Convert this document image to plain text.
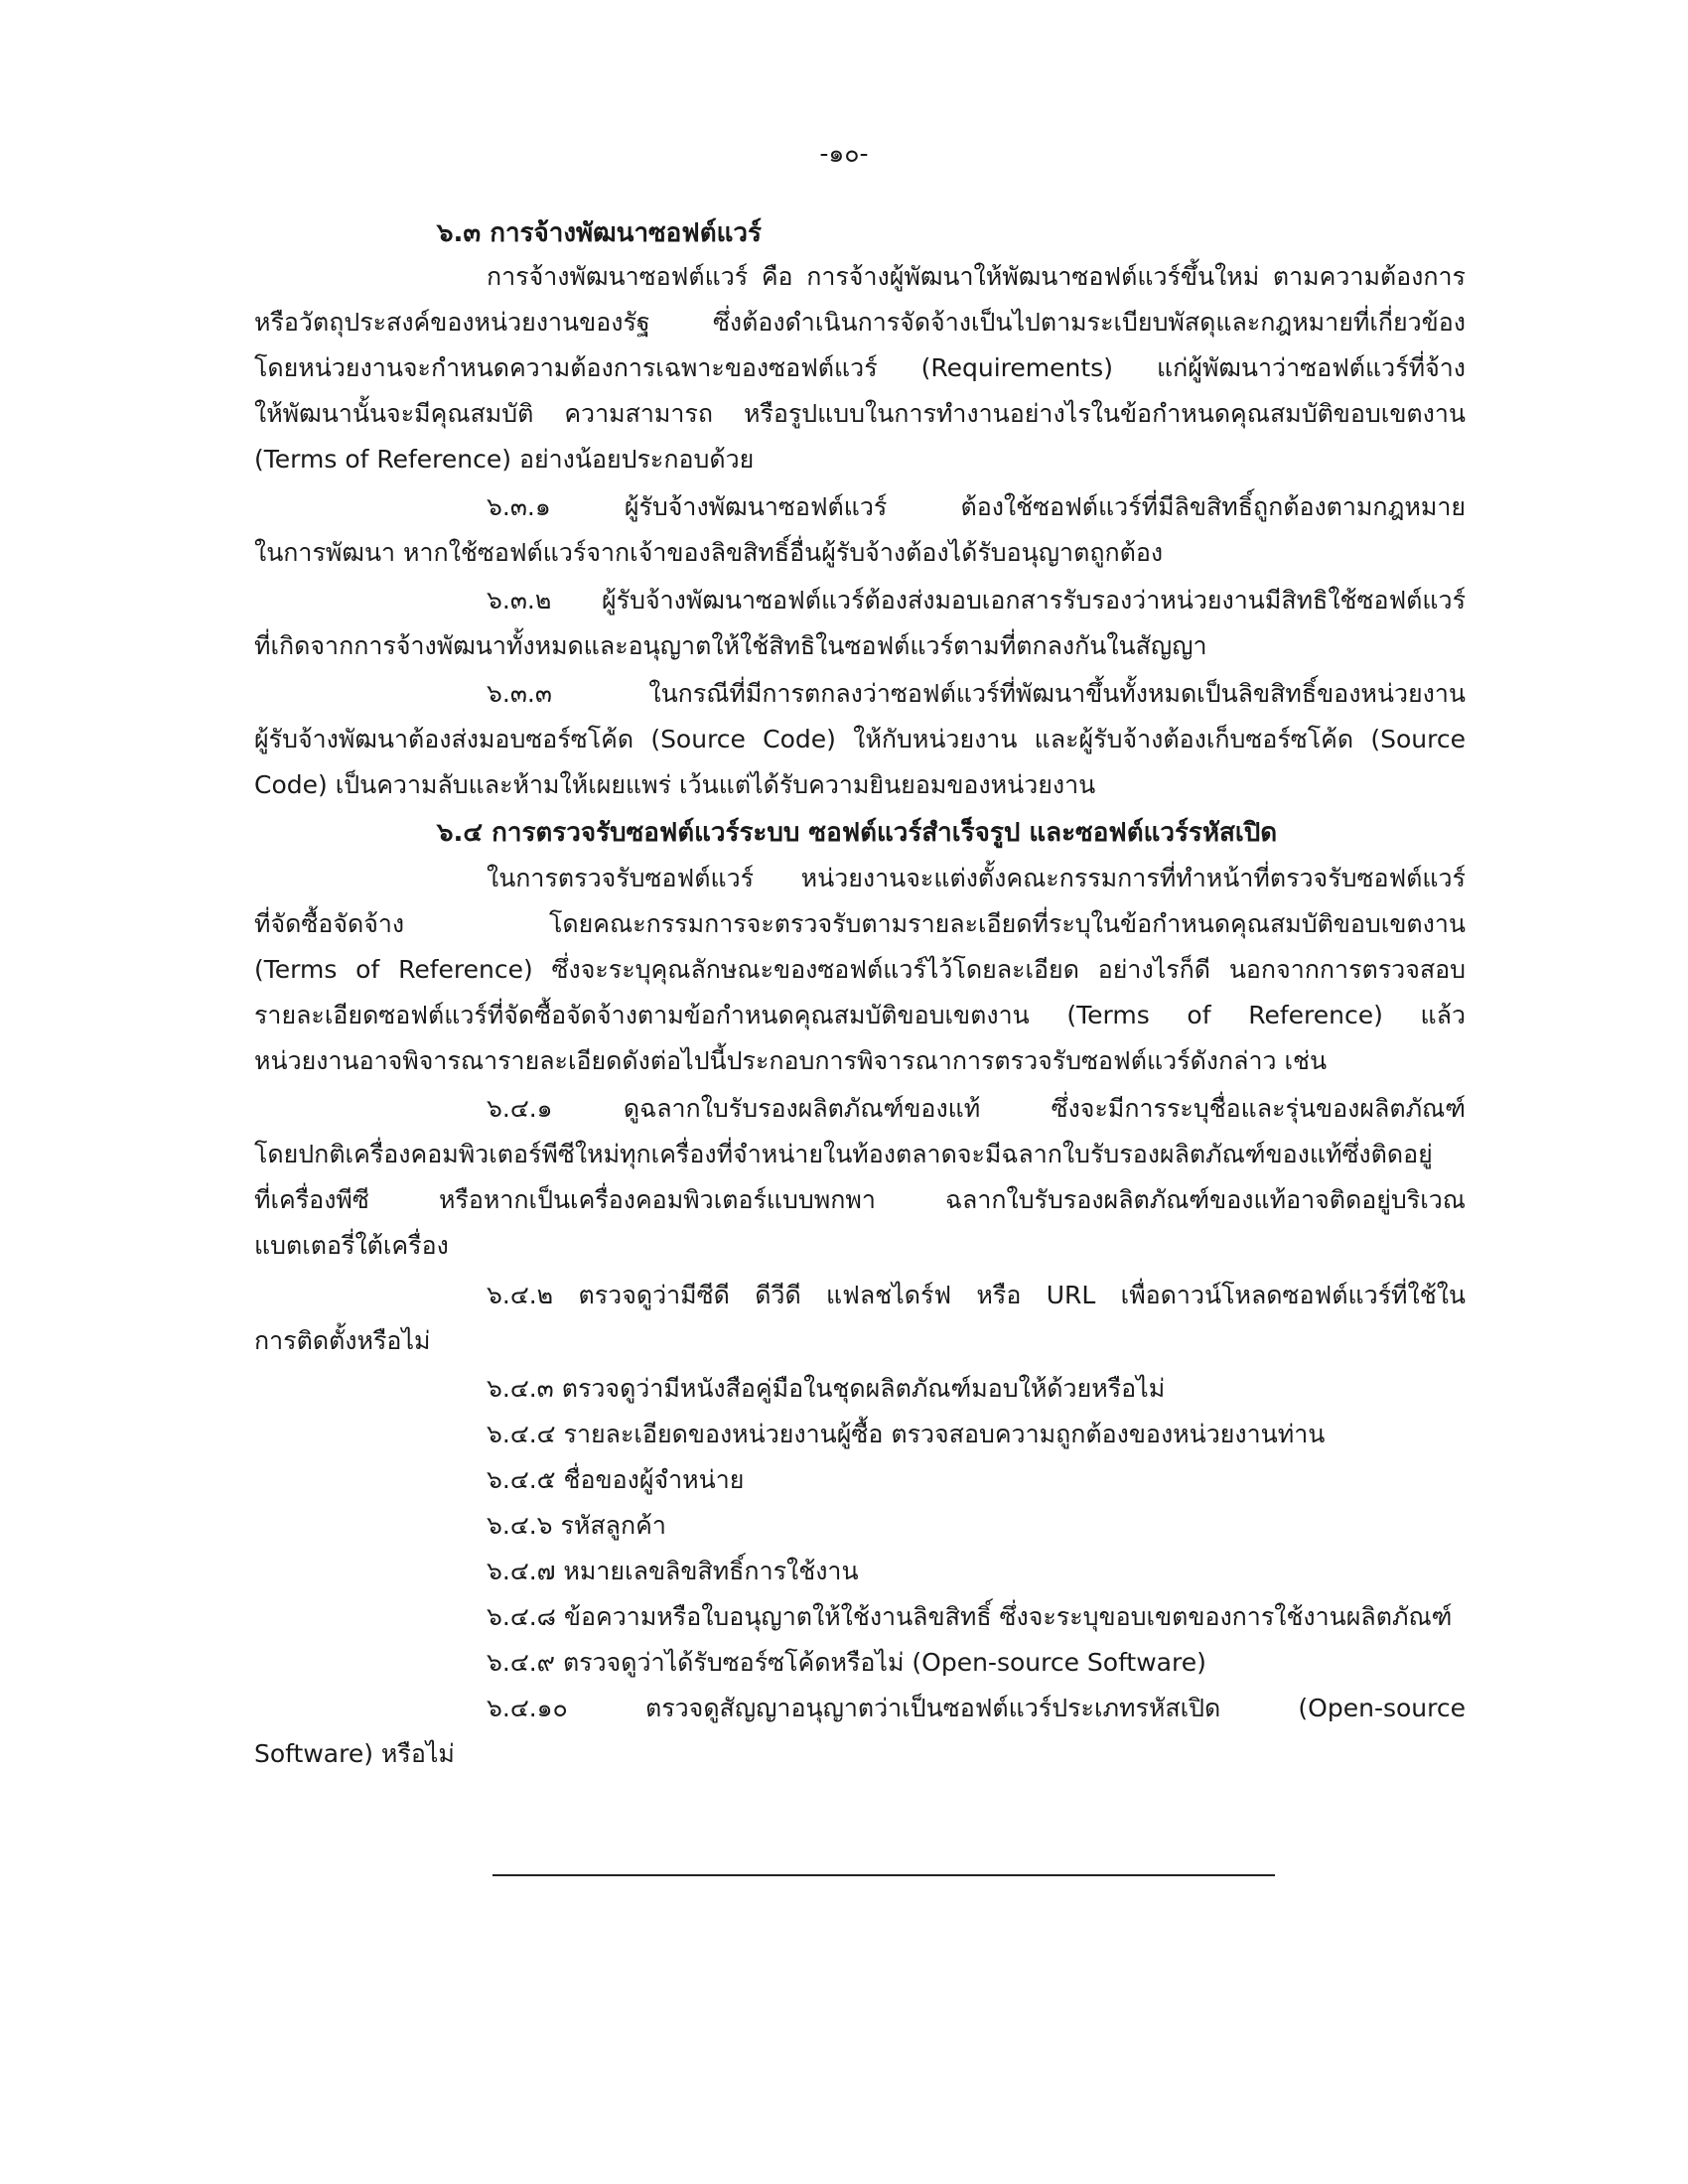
-๑๐-
๖.๓ การจ้างพัฒนาซอฟต์แวร์
การจ้างพัฒนาซอฟต์แวร์ คือ การจ้างผู้พัฒนาให้พัฒนาซอฟต์แวร์ขึ้นใหม่ ตามความต้องการ
หรือวัตถุประสงค์ของหน่วยงานของรัฐ ซึ่งต้องดำเนินการจัดจ้างเป็นไปตามระเบียบพัสดุและกฎหมายที่เกี่ยวข้อง
โดยหน่วยงานจะกำหนดความต้องการเฉพาะของซอฟต์แวร์ (Requirements) แก่ผู้พัฒนาว่าซอฟต์แวร์ที่จ้าง
ให้พัฒนานั้นจะมีคุณสมบัติ ความสามารถ หรือรูปแบบในการทำงานอย่างไรในข้อกำหนดคุณสมบัติขอบเขตงาน
(Terms of Reference) อย่างน้อยประกอบด้วย
๖.๓.๑ ผู้รับจ้างพัฒนาซอฟต์แวร์ ต้องใช้ซอฟต์แวร์ที่มีลิขสิทธิ์ถูกต้องตามกฎหมาย
ในการพัฒนา หากใช้ซอฟต์แวร์จากเจ้าของลิขสิทธิ์อื่นผู้รับจ้างต้องได้รับอนุญาตถูกต้อง
๖.๓.๒ ผู้รับจ้างพัฒนาซอฟต์แวร์ต้องส่งมอบเอกสารรับรองว่าหน่วยงานมีสิทธิใช้ซอฟต์แวร์
ที่เกิดจากการจ้างพัฒนาทั้งหมดและอนุญาตให้ใช้สิทธิในซอฟต์แวร์ตามที่ตกลงกันในสัญญา
๖.๓.๓ ในกรณีที่มีการตกลงว่าซอฟต์แวร์ที่พัฒนาขึ้นทั้งหมดเป็นลิขสิทธิ์ของหน่วยงาน
ผู้รับจ้างพัฒนาต้องส่งมอบซอร์ซโค้ด (Source Code) ให้กับหน่วยงาน และผู้รับจ้างต้องเก็บซอร์ซโค้ด (Source
Code) เป็นความลับและห้ามให้เผยแพร่ เว้นแต่ได้รับความยินยอมของหน่วยงาน
๖.๔ การตรวจรับซอฟต์แวร์ระบบ ซอฟต์แวร์สำเร็จรูป และซอฟต์แวร์รหัสเปิด
ในการตรวจรับซอฟต์แวร์ หน่วยงานจะแต่งตั้งคณะกรรมการที่ทำหน้าที่ตรวจรับซอฟต์แวร์
ที่จัดซื้อจัดจ้าง โดยคณะกรรมการจะตรวจรับตามรายละเอียดที่ระบุในข้อกำหนดคุณสมบัติขอบเขตงาน
(Terms of Reference) ซึ่งจะระบุคุณลักษณะของซอฟต์แวร์ไว้โดยละเอียด อย่างไรก็ดี นอกจากการตรวจสอบ
รายละเอียดซอฟต์แวร์ที่จัดซื้อจัดจ้างตามข้อกำหนดคุณสมบัติขอบเขตงาน (Terms of Reference) แล้ว
หน่วยงานอาจพิจารณารายละเอียดดังต่อไปนี้ประกอบการพิจารณาการตรวจรับซอฟต์แวร์ดังกล่าว เช่น
๖.๔.๑ ดูฉลากใบรับรองผลิตภัณฑ์ของแท้ ซึ่งจะมีการระบุชื่อและรุ่นของผลิตภัณฑ์
โดยปกติเครื่องคอมพิวเตอร์พีซีใหม่ทุกเครื่องที่จำหน่ายในท้องตลาดจะมีฉลากใบรับรองผลิตภัณฑ์ของแท้ซึ่งติดอยู่
ที่เครื่องพีซี หรือหากเป็นเครื่องคอมพิวเตอร์แบบพกพา ฉลากใบรับรองผลิตภัณฑ์ของแท้อาจติดอยู่บริเวณ
แบตเตอรี่ใต้เครื่อง
๖.๔.๒ ตรวจดูว่ามีซีดี ดีวีดี แฟลชไดร์ฟ หรือ URL เพื่อดาวน์โหลดซอฟต์แวร์ที่ใช้ใน
การติดตั้งหรือไม่
๖.๔.๓ ตรวจดูว่ามีหนังสือคู่มือในชุดผลิตภัณฑ์มอบให้ด้วยหรือไม่
๖.๔.๔ รายละเอียดของหน่วยงานผู้ซื้อ ตรวจสอบความถูกต้องของหน่วยงานท่าน
๖.๔.๕ ชื่อของผู้จำหน่าย
๖.๔.๖ รหัสลูกค้า
๖.๔.๗ หมายเลขลิขสิทธิ์การใช้งาน
๖.๔.๘ ข้อความหรือใบอนุญาตให้ใช้งานลิขสิทธิ์ ซึ่งจะระบุขอบเขตของการใช้งานผลิตภัณฑ์
๖.๔.๙ ตรวจดูว่าได้รับซอร์ซโค้ดหรือไม่ (Open-source Software)
๖.๔.๑๐ ตรวจดูสัญญาอนุญาตว่าเป็นซอฟต์แวร์ประเภทรหัสเปิด (Open-source
Software) หรือไม่
